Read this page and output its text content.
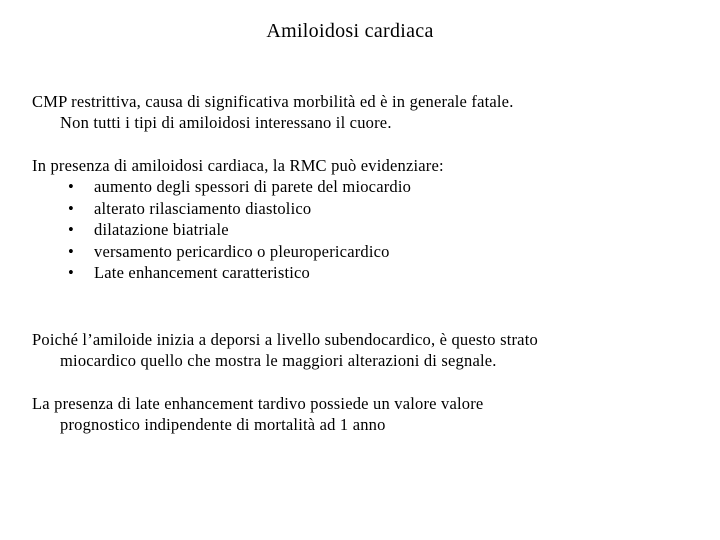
Amiloidosi cardiaca
CMP restrittiva, causa di significativa morbilità ed è in generale fatale.
Non tutti i tipi di amiloidosi interessano il cuore.
In presenza di amiloidosi cardiaca, la RMC può evidenziare:
• aumento degli spessori di parete del miocardio
• alterato rilasciamento diastolico
• dilatazione biatriale
• versamento pericardico o pleuropericardico
• Late enhancement caratteristico
Poiché l’amiloide inizia a deporsi a livello subendocardico, è questo strato
miocardico quello che mostra le maggiori alterazioni di segnale.
La presenza di late enhancement tardivo possiede un valore valore
prognostico indipendente di mortalità ad 1 anno
